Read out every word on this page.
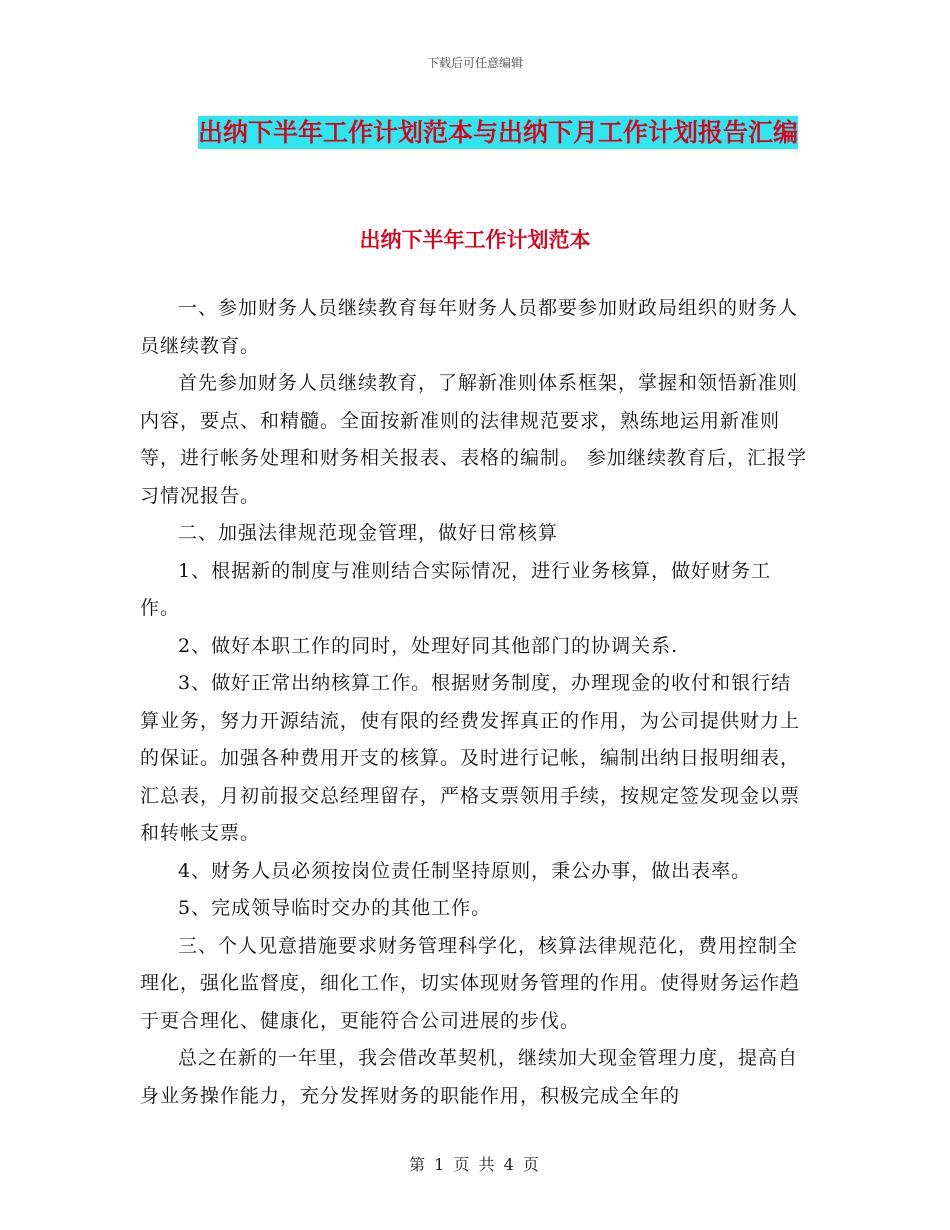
下载后可任意编辑
出纳下半年工作计划范本与出纳下月工作计划报告汇编
出纳下半年工作计划范本

一、参加财务人员继续教育每年财务人员都要参加财政局组织的财务人员继续教育。

首先参加财务人员继续教育，了解新准则体系框架，掌握和领悟新准则内容，要点、和精髓。全面按新准则的法律规范要求，熟练地运用新准则等，进行帐务处理和财务相关报表、表格的编制。 参加继续教育后，汇报学习情况报告。

二、加强法律规范现金管理，做好日常核算

1、根据新的制度与准则结合实际情况，进行业务核算，做好财务工作。

2、做好本职工作的同时，处理好同其他部门的协调关系.

3、做好正常出纳核算工作。根据财务制度，办理现金的收付和银行结算业务，努力开源结流，使有限的经费发挥真正的作用，为公司提供财力上的保证。加强各种费用开支的核算。及时进行记帐，编制出纳日报明细表，汇总表，月初前报交总经理留存，严格支票领用手续，按规定签发现金以票和转帐支票。

4、财务人员必须按岗位责任制坚持原则，秉公办事，做出表率。

5、完成领导临时交办的其他工作。

三、个人见意措施要求财务管理科学化，核算法律规范化，费用控制全理化，强化监督度，细化工作，切实体现财务管理的作用。使得财务运作趋于更合理化、健康化，更能符合公司进展的步伐。

总之在新的一年里，我会借改革契机，继续加大现金管理力度，提高自身业务操作能力，充分发挥财务的职能作用，积极完成全年的

第 1 页 共 4 页
